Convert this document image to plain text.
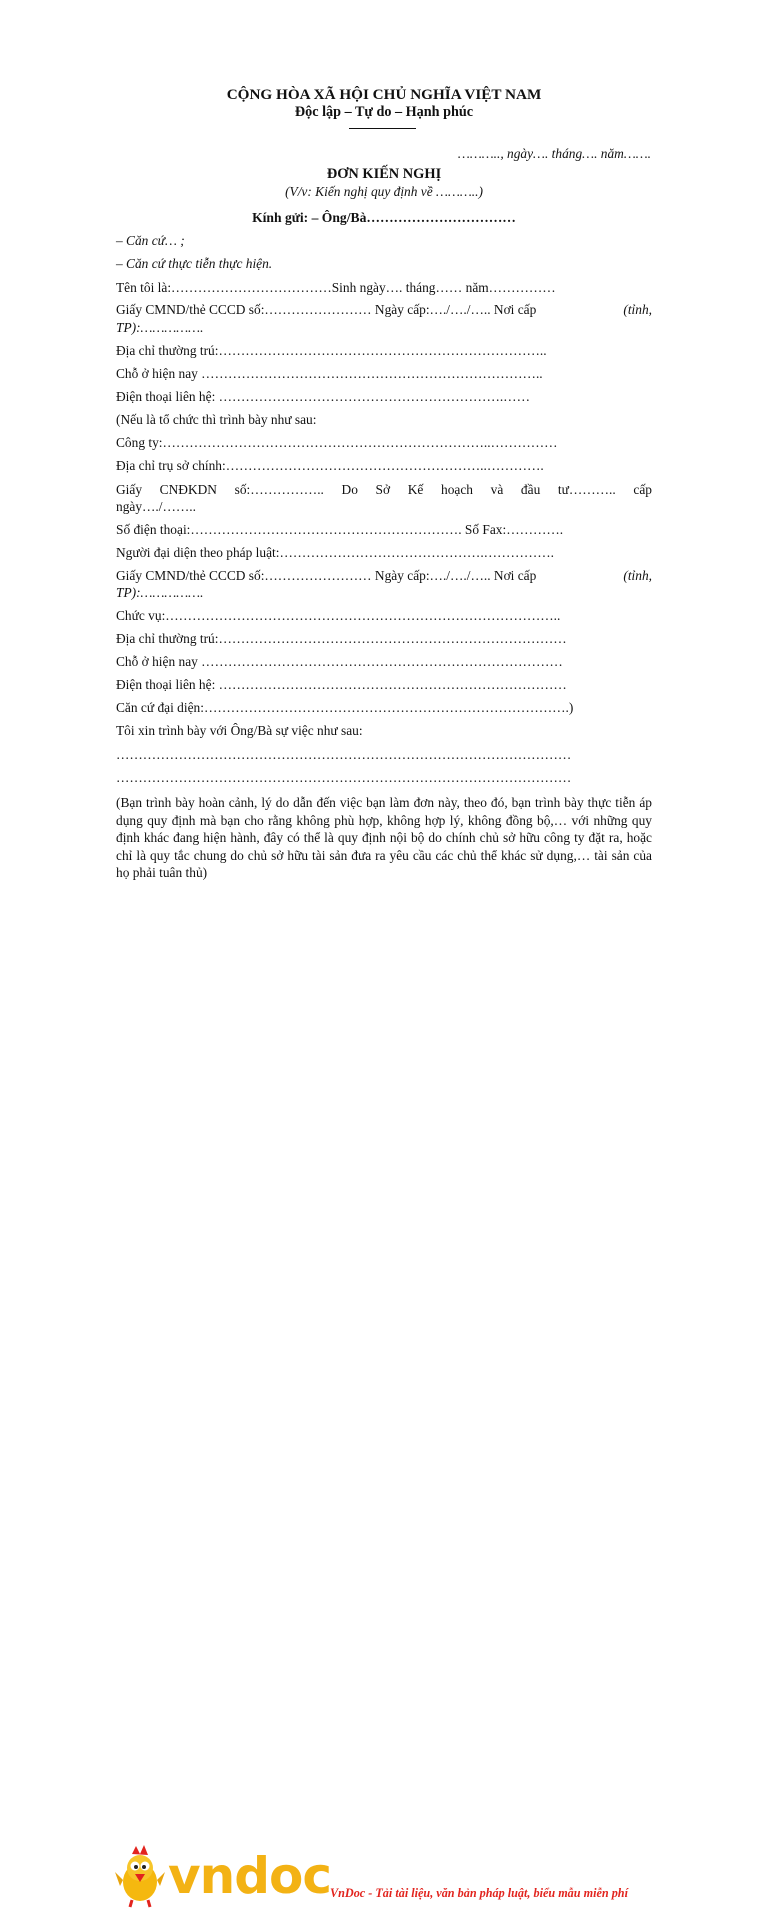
CỘNG HÒA XÃ HỘI CHỦ NGHĨA VIỆT NAM
Độc lập – Tự do – Hạnh phúc
……….., ngày…. tháng…. năm…….
ĐƠN KIẾN NGHỊ
(V/v: Kiến nghị quy định về ………..)
Kính gửi: – Ông/Bà……………………………
– Căn cứ… ;
– Căn cứ thực tiễn thực hiện.
Tên tôi là:………………………………Sinh ngày…. tháng…… năm……………
Giấy CMND/thẻ CCCD số:…………………… Ngày cấp:…./…./….. Nơi cấp	(tỉnh,
TP):…………….
Địa chỉ thường trú:………………………………………………………………..
Chỗ ở hiện nay …………………………………………………………………..
Điện thoại liên hệ: ……………………………………………………….……
(Nếu là tổ chức thì trình bày như sau:
Công ty:………………………………………………………………..……………
Địa chỉ trụ sở chính:…………………………………………………..………….
Giấy CNĐKDN số:…………….. Do Sở Kế hoạch và đầu tư……….. cấp
ngày…./……..
Số điện thoại:……………………………………………………. Số Fax:………….
Người đại diện theo pháp luật:……………………………………….…………….
Giấy CMND/thẻ CCCD số:…………………… Ngày cấp:…./…./….. Nơi cấp	(tỉnh,
TP):…………….
Chức vụ:……………………………………………………………………………..
Địa chỉ thường trú:……………………………………………………………………
Chỗ ở hiện nay ………………………………………………………………………
Điện thoại liên hệ: ……………………………………………………………………
Căn cứ đại diện:……………………………………………………………………….)
Tôi xin trình bày với Ông/Bà sự việc như sau:
…………………………………………………………………………………………
…………………………………………………………………………………………
(Bạn trình bày hoàn cảnh, lý do dẫn đến việc bạn làm đơn này, theo đó, bạn trình bày thực tiễn áp dụng quy định mà bạn cho rằng không phù hợp, không hợp lý, không đồng bộ,… với những quy định khác đang hiện hành, đây có thể là quy định nội bộ do chính chủ sở hữu công ty đặt ra, hoặc chỉ là quy tắc chung do chủ sở hữu tài sản đưa ra yêu cầu các chủ thể khác sử dụng,… tài sản của họ phải tuân thủ)
vndoc VnDoc - Tải tài liệu, văn bản pháp luật, biểu mẫu miễn phí
